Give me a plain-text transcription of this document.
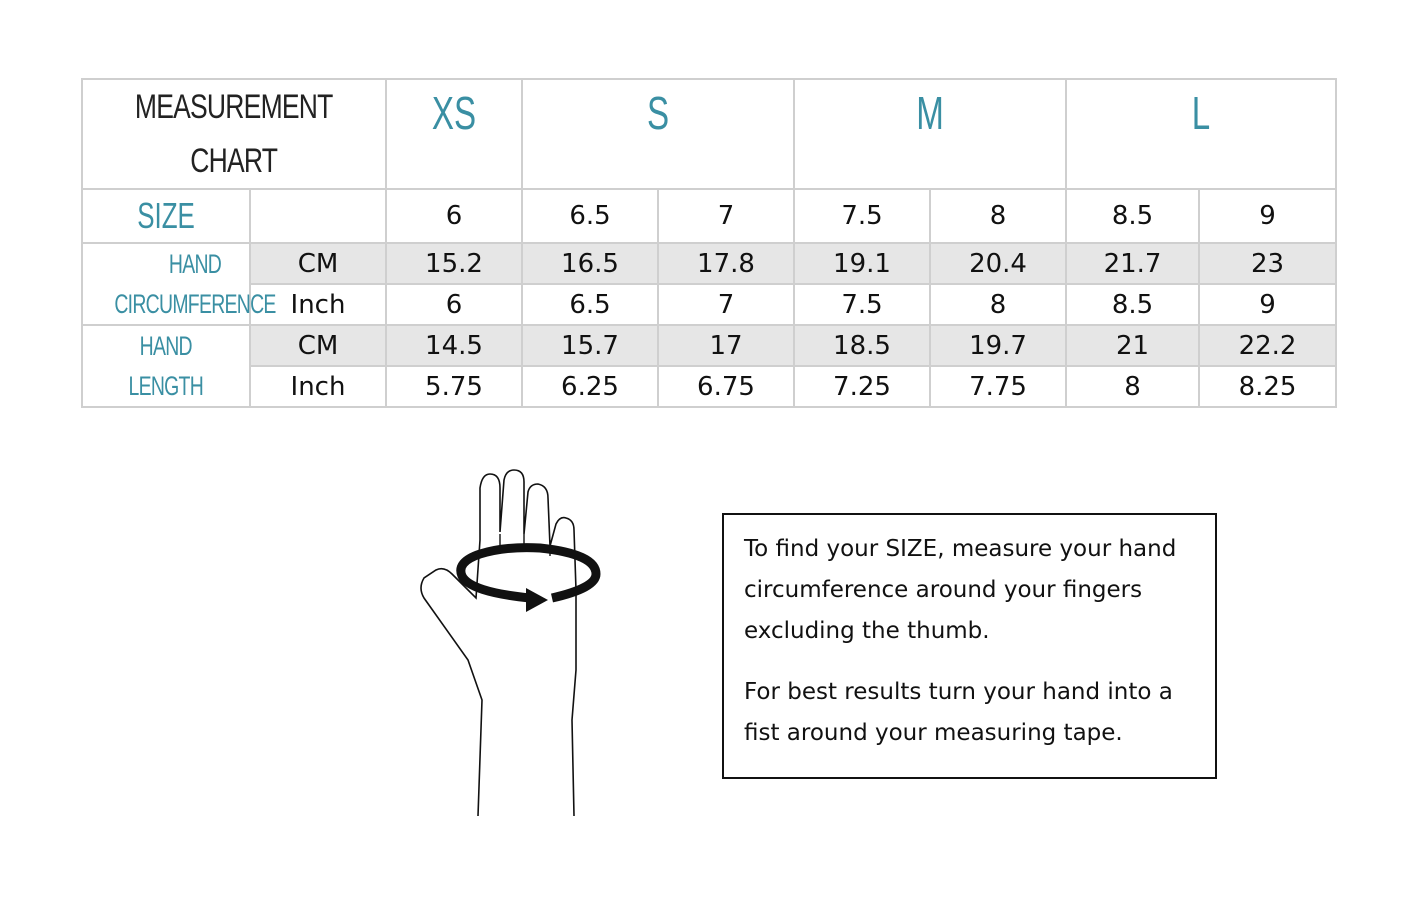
MEASUREMENT
CHART		XS	S		M		L	
SIZE		6	6.5	7	7.5	8	8.5	9

HAND
CIRCUMFERENCE	CM	15.2	16.5	17.8	19.1	20.4	21.7	23
	Inch	6	6.5	7	7.5	8	8.5	9

HAND
LENGTH	CM	14.5	15.7	17	18.5	19.7	21	22.2
	Inch	5.75	6.25	6.75	7.25	7.75	8	8.25

To find your SIZE, measure your hand circumference around your fingers excluding the thumb.

For best results turn your hand into a fist around your measuring tape.
